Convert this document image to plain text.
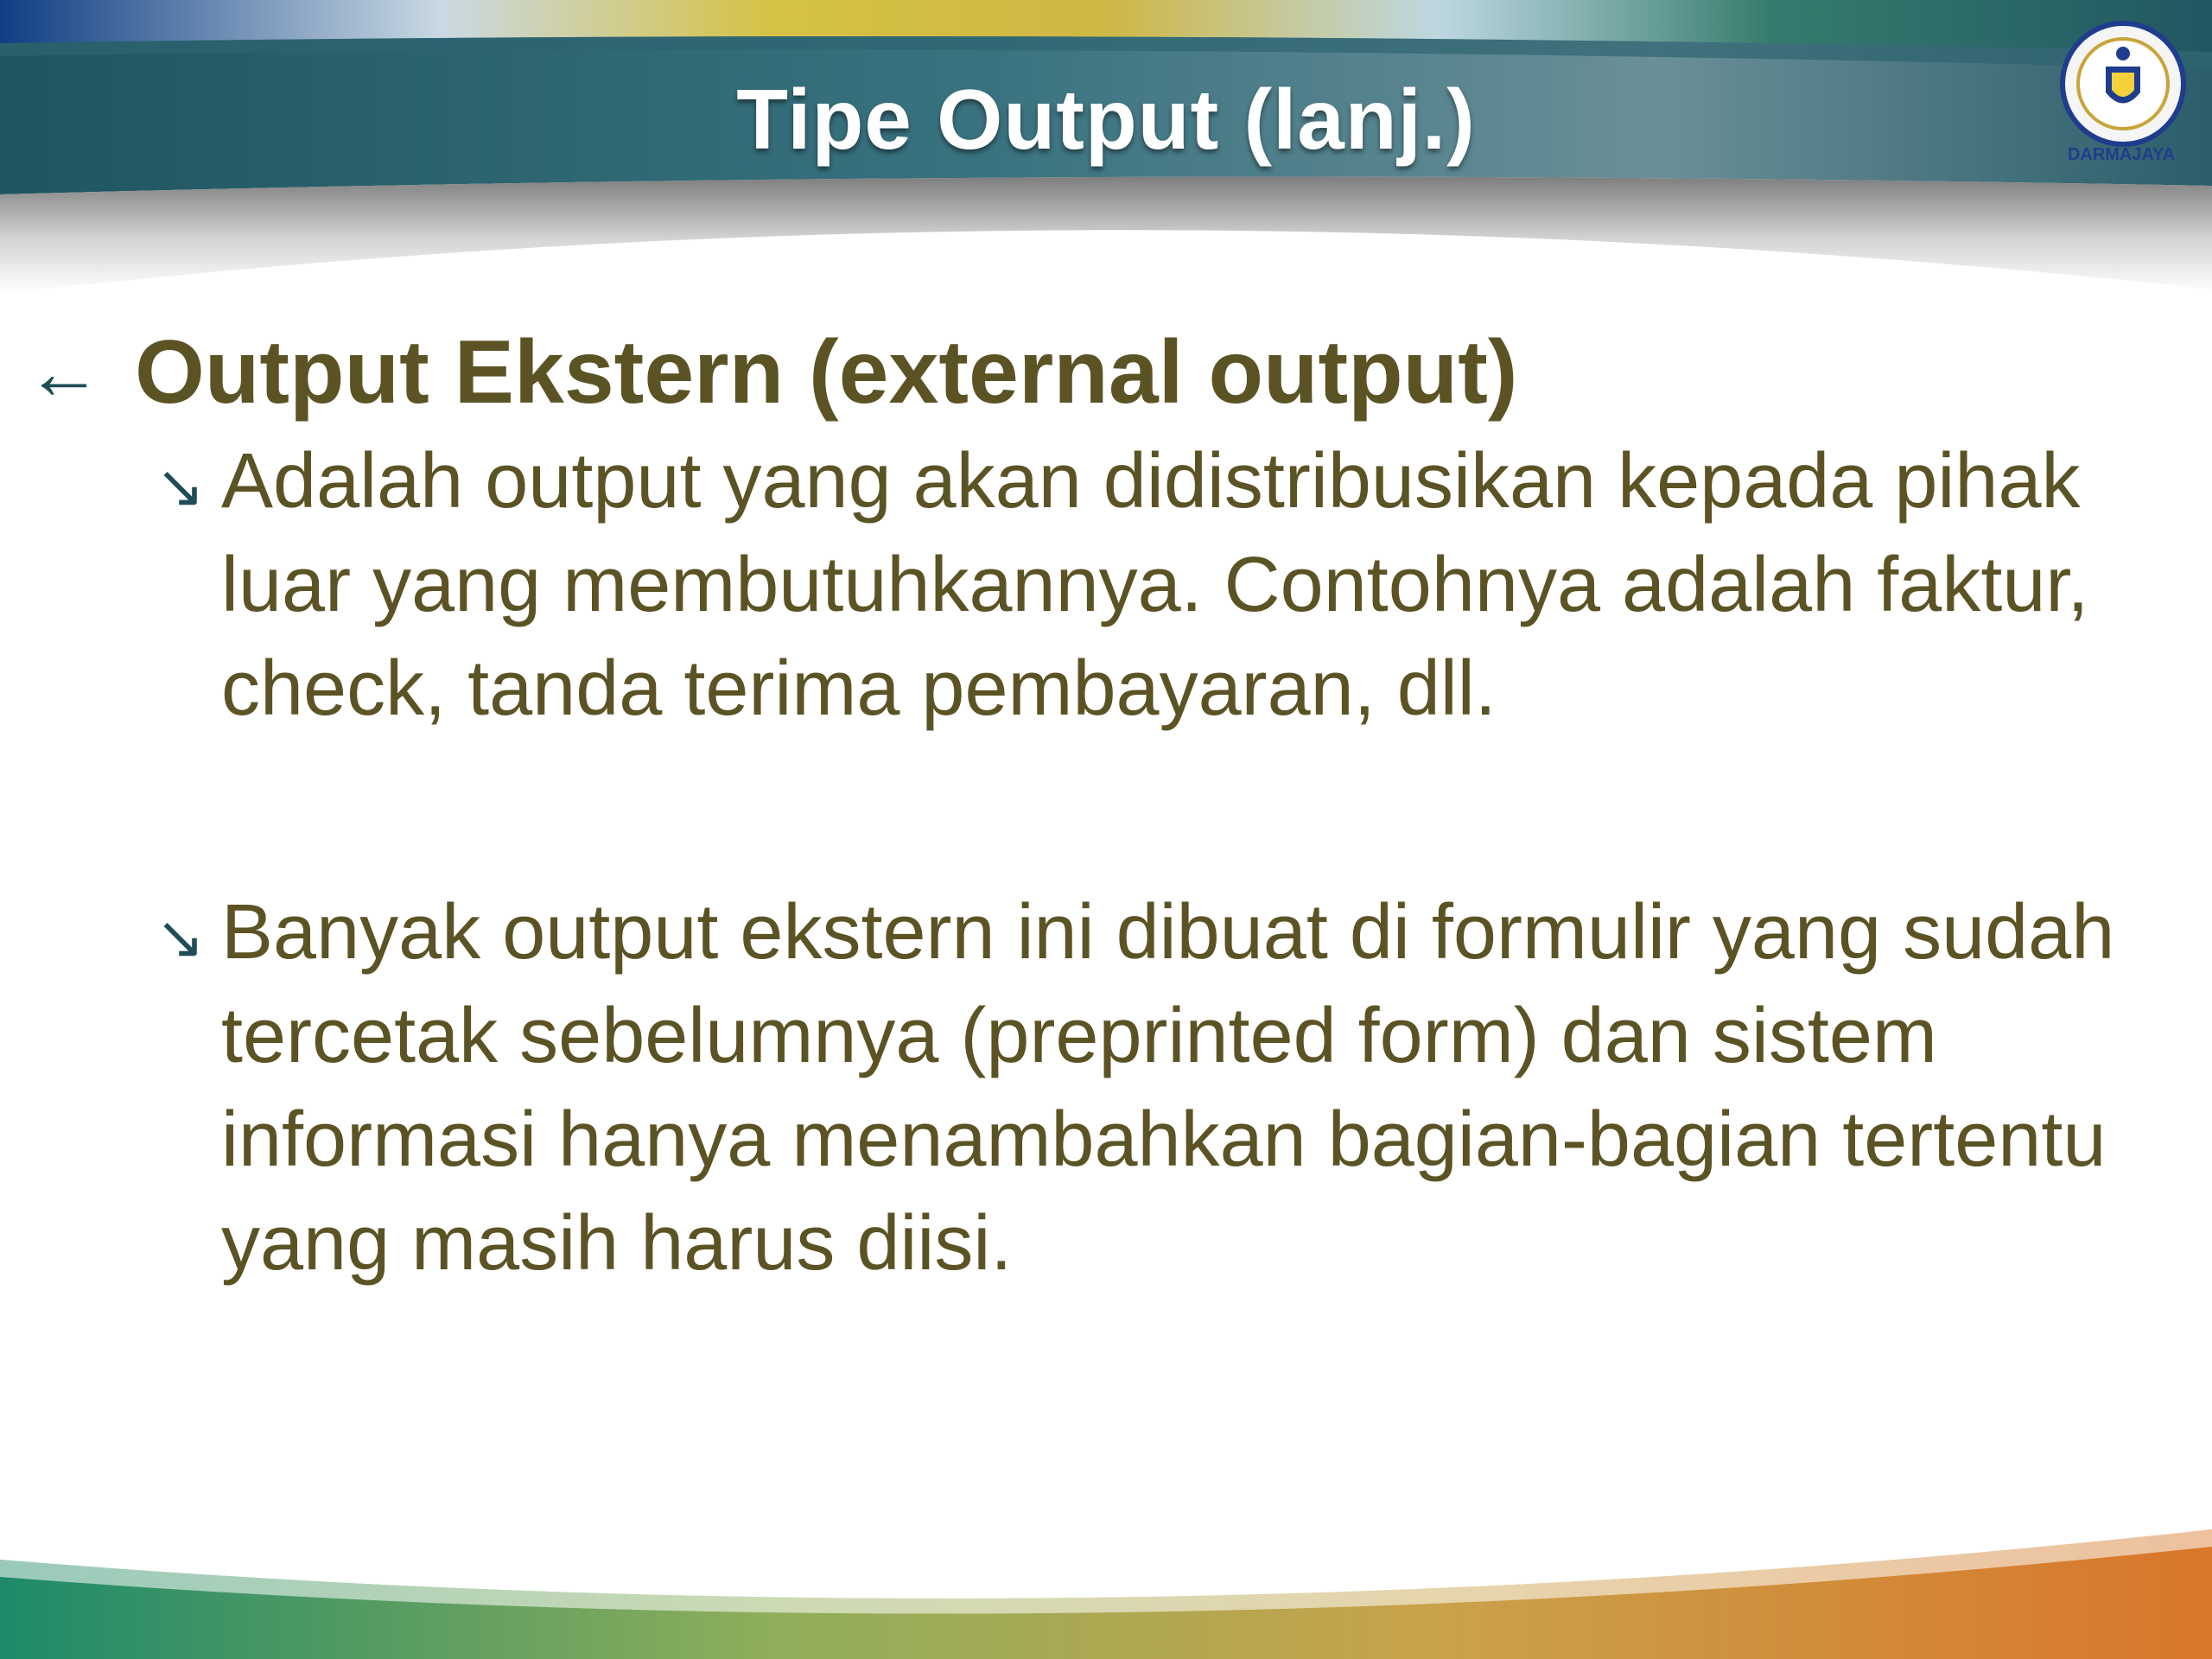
Tipe Output (lanj.)	DARMAJAYA
← Output Ekstern (external output)
↘ Adalah output yang akan didistribusikan kepada pihak luar yang membutuhkannya. Contohnya adalah faktur, check, tanda terima pembayaran, dll.
↘ Banyak output ekstern ini dibuat di formulir yang sudah tercetak sebelumnya (preprinted form) dan sistem informasi hanya menambahkan bagian-bagian tertentu yang masih harus diisi.
